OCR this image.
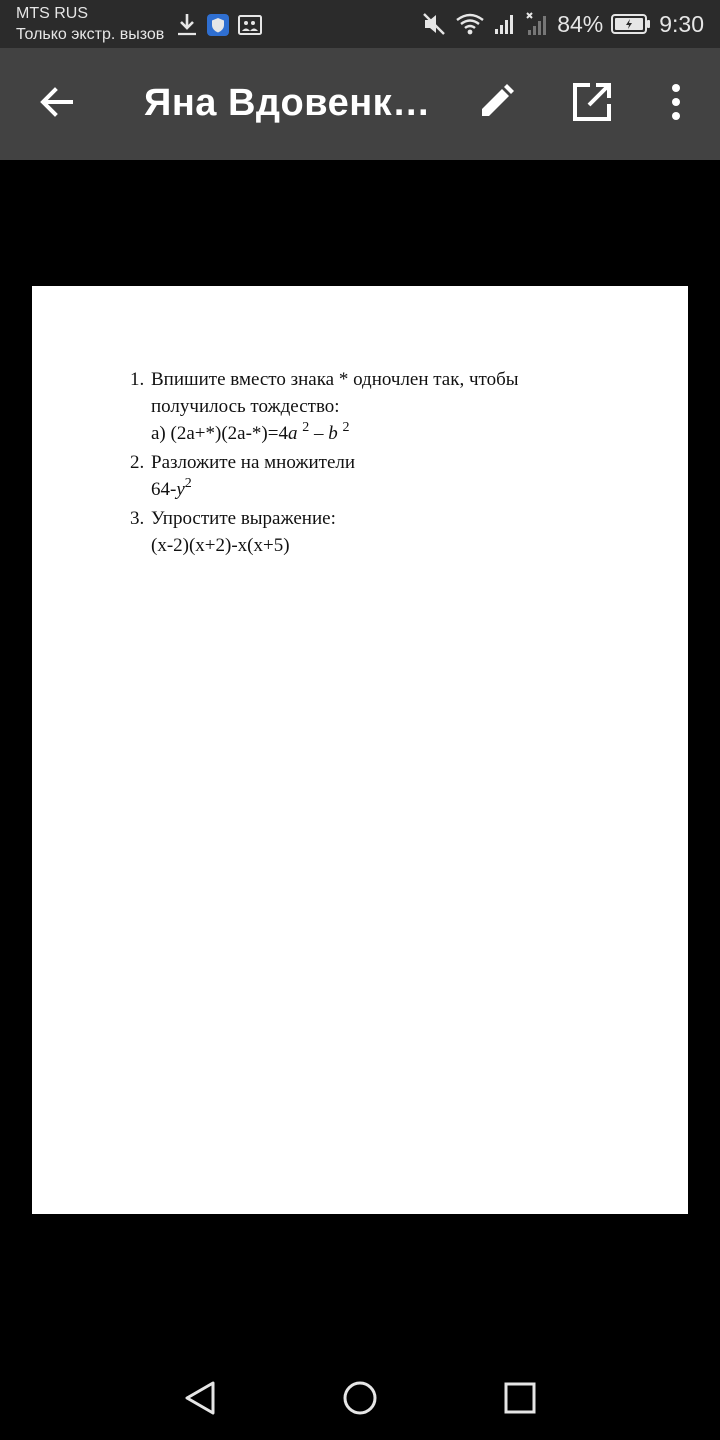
MTS RUS
Только экстр. вызов	84% 9:30
Яна Вдовенк…
1. Впишите вместо знака * одночлен так, чтобы
получилось тождество:
а) (2a+*)(2a-*)=4a $^2$ – b $^2$
2. Разложите на множители
$64-y^2$
3. Упростите выражение:
(x-2)(x+2)-x(x+5)
